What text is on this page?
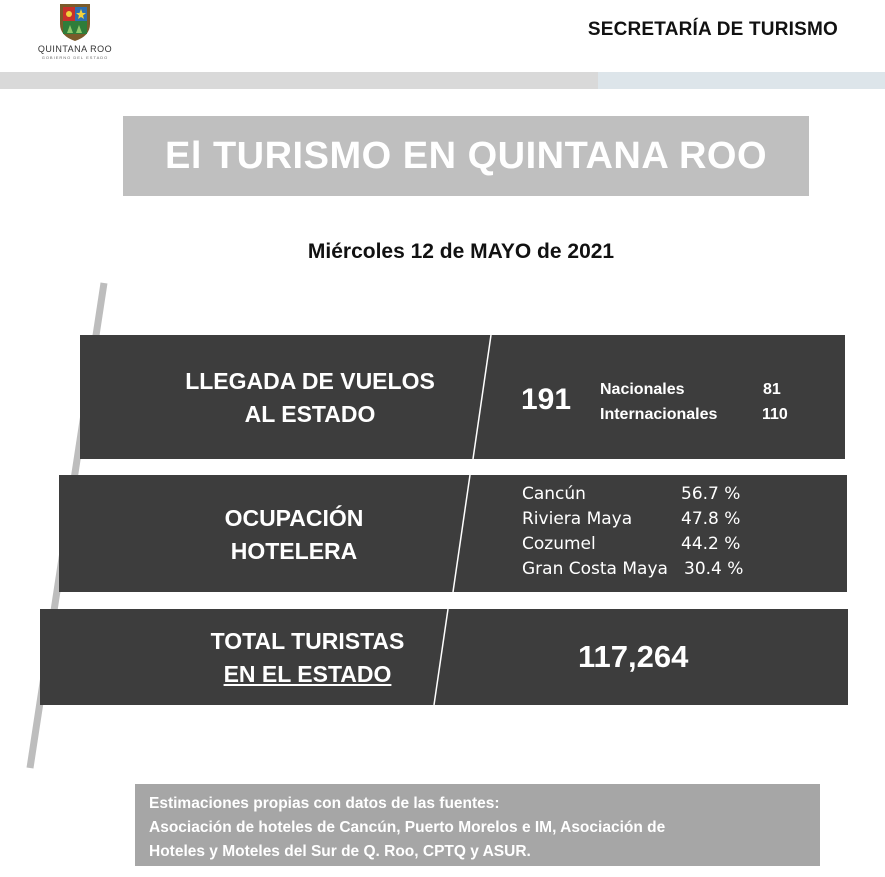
QUINTANA ROO
GOBIERNO DEL ESTADO
SECRETARÍA DE TURISMO
El TURISMO EN QUINTANA ROO
Miércoles 12 de MAYO de 2021
LLEGADA DE VUELOS
AL ESTADO	191 Nacionales	81
Internacionales	110
OCUPACIÓN
HOTELERA
Cancún	56.7 %
Riviera Maya	47.8 %
Cozumel	44.2 %
Gran Costa Maya 30.4 %
TOTAL TURISTAS
EN EL ESTADO	117,264
Estimaciones propias con datos de las fuentes:
Asociación de hoteles de Cancún, Puerto Morelos e IM, Asociación de
Hoteles y Moteles del Sur de Q. Roo, CPTQ y ASUR.
